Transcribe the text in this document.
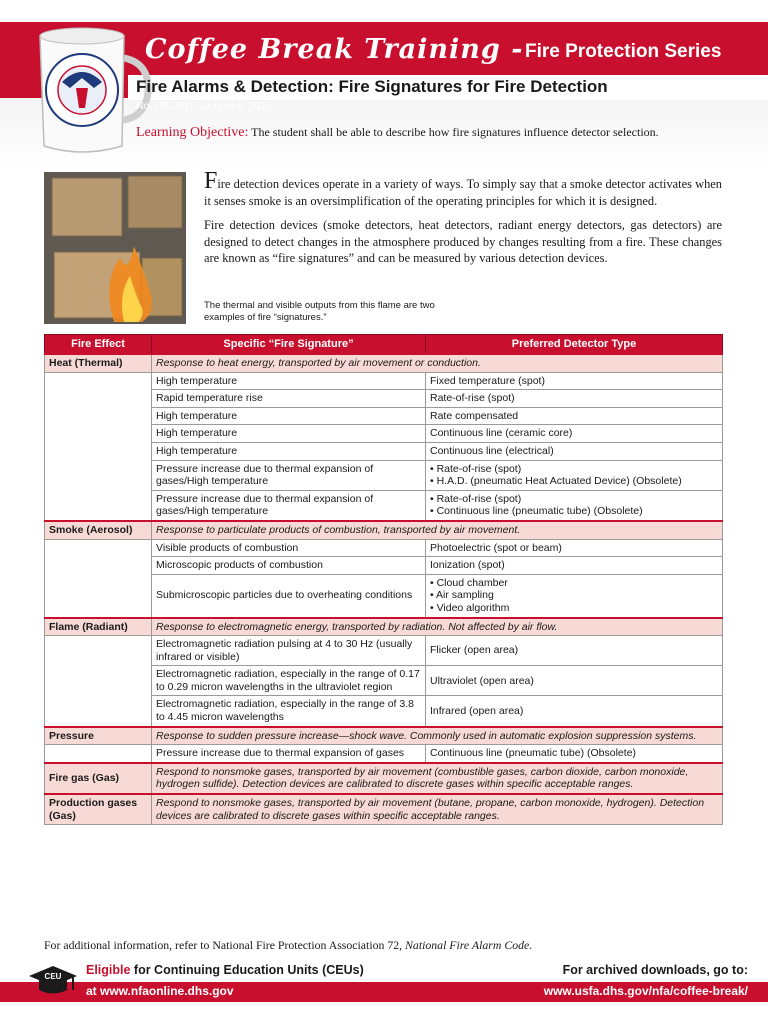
Coffee Break Training - Fire Protection Series
Fire Alarms & Detection: Fire Signatures for Fire Detection
No. FP-2010-14 April 6, 2010
Learning Objective: The student shall be able to describe how fire signatures influence detector selection.

Fire detection devices operate in a variety of ways. To simply say that a smoke detector activates when it senses smoke is an oversimplification of the operating principles for which it is designed.

Fire detection devices (smoke detectors, heat detectors, radiant energy detectors, gas detectors) are designed to detect changes in the atmosphere produced by changes resulting from a fire. These changes are known as “fire signatures” and can be measured by various detection devices.

The thermal and visible outputs from this flame are two examples of fire “signatures.”
Fire Effect	Specific “Fire Signature”	Preferred Detector Type
Heat (Thermal)	Response to heat energy, transported by air movement or conduction.	
	High temperature	Fixed temperature (spot)
	Rapid temperature rise	Rate-of-rise (spot)
	High temperature	Rate compensated
	High temperature	Continuous line (ceramic core)
	High temperature	Continuous line (electrical)
	Pressure increase due to thermal expansion of gases/High temperature	• Rate-of-rise (spot)
• H.A.D. (pneumatic Heat Actuated Device) (Obsolete)

	Pressure increase due to thermal expansion of gases/High temperature	• Rate-of-rise (spot)
• Continuous line (pneumatic tube) (Obsolete)

Smoke (Aerosol)	Response to particulate products of combustion, transported by air movement.	
	Visible products of combustion	Photoelectric (spot or beam)
	Microscopic products of combustion	Ionization (spot)
	Submicroscopic particles due to overheating conditions	• Cloud chamber
• Air sampling
• Video algorithm

Flame (Radiant)	Response to electromagnetic energy, transported by radiation. Not affected by air flow.	
	Electromagnetic radiation pulsing at 4 to 30 Hz (usually infrared or visible)	Flicker (open area)
	Electromagnetic radiation, especially in the range of 0.17 to 0.29 micron wavelengths in the ultraviolet region	Ultraviolet (open area)
	Electromagnetic radiation, especially in the range of 3.8 to 4.45 micron wavelengths	Infrared (open area)
Pressure	Response to sudden pressure increase—shock wave. Commonly used in automatic explosion suppression systems.	
	Pressure increase due to thermal expansion of gases	Continuous line (pneumatic tube) (Obsolete)
Fire gas (Gas)	Respond to nonsmoke gases, transported by air movement (combustible gases, carbon dioxide, carbon monoxide, hydrogen sulfide). Detection devices are calibrated to discrete gases within specific acceptable ranges.	
Production gases (Gas)	Respond to nonsmoke gases, transported by air movement (butane, propane, carbon monoxide, hydrogen). Detection devices are calibrated to discrete gases within specific acceptable ranges.	
For additional information, refer to National Fire Protection Association 72, National Fire Alarm Code.
CEU Eligible for Continuing Education Units (CEUs)	For archived downloads, go to:
at www.nfaonline.dhs.gov	www.usfa.dhs.gov/nfa/coffee-break/
